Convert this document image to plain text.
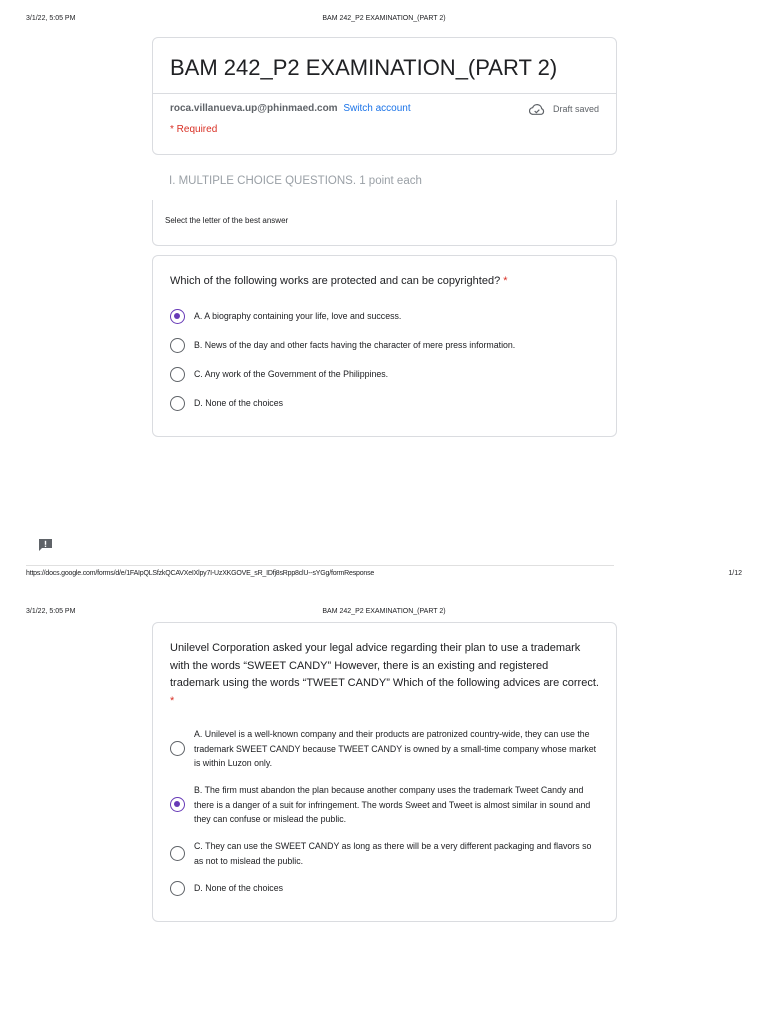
3/1/22, 5:05 PM	BAM 242_P2 EXAMINATION_(PART 2)
BAM 242_P2 EXAMINATION_(PART 2)
roca.villanueva.up@phinmaed.com Switch account	Draft saved
* Required
I. MULTIPLE CHOICE QUESTIONS. 1 point each
Select the letter of the best answer
Which of the following works are protected and can be copyrighted? *
A. A biography containing your life, love and success.
B. News of the day and other facts having the character of mere press information.
C. Any work of the Government of the Philippines.
D. None of the choices
https://docs.google.com/forms/d/e/1FAIpQLSfzkQCAVXeIXlpy7I-UzXKGOVE_sR_IDfj8sRpp8clU--sYGg/formResponse	1/12
3/1/22, 5:05 PM	BAM 242_P2 EXAMINATION_(PART 2)
Unilevel Corporation asked your legal advice regarding their plan to use a trademark with the words “SWEET CANDY” However, there is an existing and registered trademark using the words “TWEET CANDY” Which of the following advices are correct. *
A. Unilevel is a well-known company and their products are patronized country-wide, they can use the trademark SWEET CANDY because TWEET CANDY is owned by a small-time company whose market is within Luzon only.
B. The firm must abandon the plan because another company uses the trademark Tweet Candy and there is a danger of a suit for infringement. The words Sweet and Tweet is almost similar in sound and they can confuse or mislead the public.
C. They can use the SWEET CANDY as long as there will be a very different packaging and flavors so as not to mislead the public.
D. None of the choices
